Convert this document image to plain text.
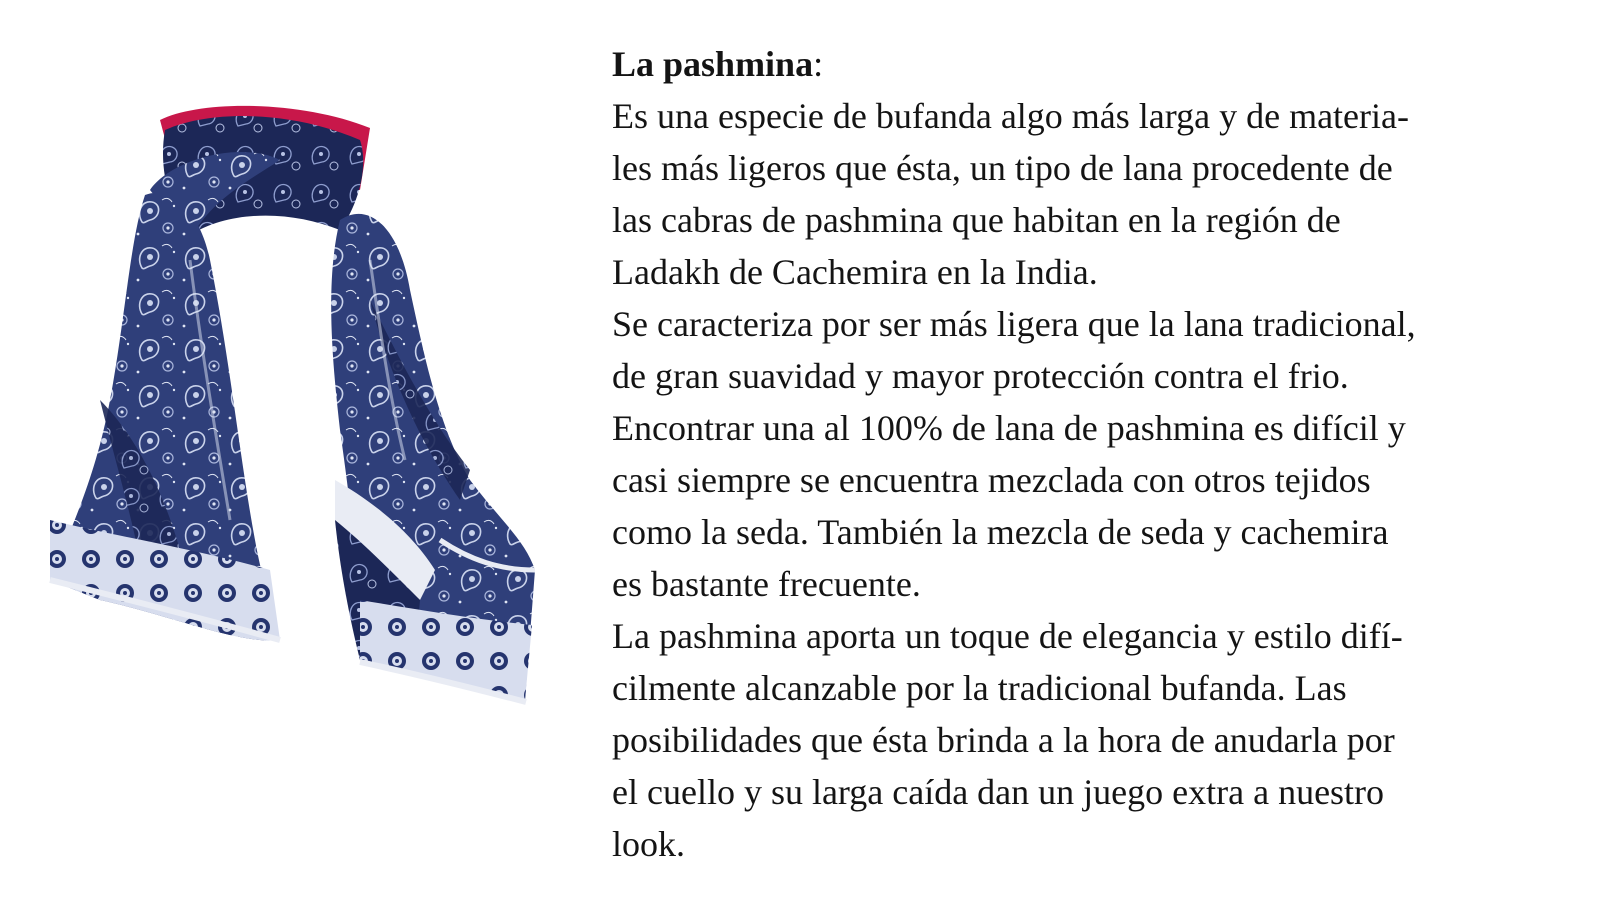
La pashmina:
Es una especie de bufanda algo más larga y de materia-
les más ligeros que ésta, un tipo de lana procedente de
las cabras de pashmina que habitan en la región de
Ladakh de Cachemira en la India.
Se caracteriza por ser más ligera que la lana tradicional,
de gran suavidad y mayor protección contra el frio.
Encontrar una al 100% de lana de pashmina es difícil y
casi siempre se encuentra mezclada con otros tejidos
como la seda. También la mezcla de seda y cachemira
es bastante frecuente.
La pashmina aporta un toque de elegancia y estilo difí-
cilmente alcanzable por la tradicional bufanda. Las
posibilidades que ésta brinda a la hora de anudarla por
el cuello y su larga caída dan un juego extra a nuestro
look.
